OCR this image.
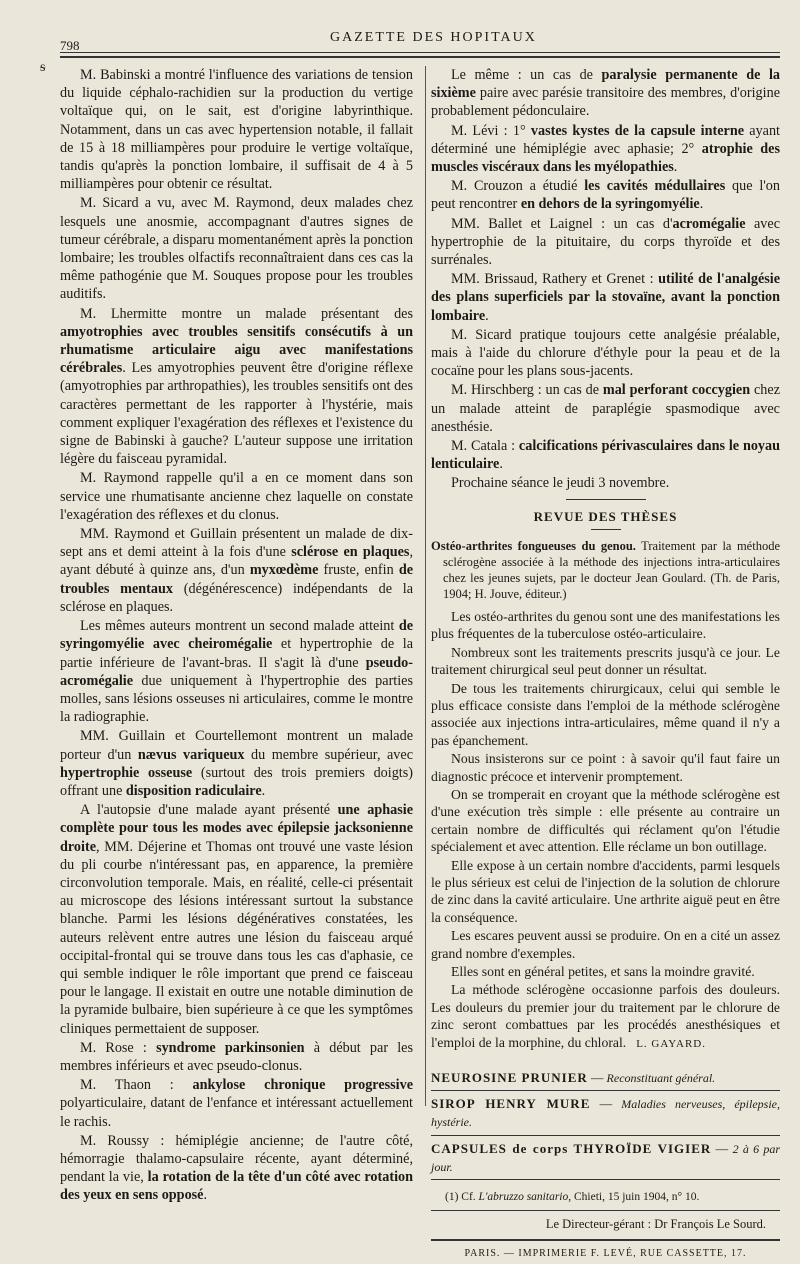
ᵴ
798
GAZETTE DES HOPITAUX

M. Babinski a montré l'influence des variations de tension du liquide céphalo-rachidien sur la production du vertige voltaïque qui, on le sait, est d'origine labyrinthique. Notamment, dans un cas avec hypertension notable, il fallait de 15 à 18 milliampères pour produire le vertige voltaïque, tandis qu'après la ponction lombaire, il suffisait de 4 à 5 milliampères pour obtenir ce résultat.

M. Sicard a vu, avec M. Raymond, deux malades chez lesquels une anosmie, accompagnant d'autres signes de tumeur cérébrale, a disparu momentanément après la ponction lombaire; les troubles olfactifs reconnaîtraient dans ces cas la même pathogénie que M. Souques propose pour les troubles auditifs.

M. Lhermitte montre un malade présentant des amyotrophies avec troubles sensitifs consécutifs à un rhumatisme articulaire aigu avec manifestations cérébrales. Les amyotrophies peuvent être d'origine réflexe (amyotrophies par arthropathies), les troubles sensitifs ont des caractères permettant de les rapporter à l'hystérie, mais comment expliquer l'exagération des réflexes et l'existence du signe de Babinski à gauche? L'auteur suppose une irritation légère du faisceau pyramidal.

M. Raymond rappelle qu'il a en ce moment dans son service une rhumatisante ancienne chez laquelle on constate l'exagération des réflexes et du clonus.

MM. Raymond et Guillain présentent un malade de dix-sept ans et demi atteint à la fois d'une sclérose en plaques, ayant débuté à quinze ans, d'un myxœdème fruste, enfin de troubles mentaux (dégénérescence) indépendants de la sclérose en plaques.

Les mêmes auteurs montrent un second malade atteint de syringomyélie avec cheiromégalie et hypertrophie de la partie inférieure de l'avant-bras. Il s'agit là d'une pseudo-acromégalie due uniquement à l'hypertrophie des parties molles, sans lésions osseuses ni articulaires, comme le montre la radiographie.

MM. Guillain et Courtellemont montrent un malade porteur d'un nævus variqueux du membre supérieur, avec hypertrophie osseuse (surtout des trois premiers doigts) offrant une disposition radiculaire.

A l'autopsie d'une malade ayant présenté une aphasie complète pour tous les modes avec épilepsie jacksonienne droite, MM. Déjerine et Thomas ont trouvé une vaste lésion du pli courbe n'intéressant pas, en apparence, la première circonvolution temporale. Mais, en réalité, celle-ci présentait au microscope des lésions intéressant surtout la substance blanche. Parmi les lésions dégénératives constatées, les auteurs relèvent entre autres une lésion du faisceau arqué occipital-frontal qui se trouve dans tous les cas d'aphasie, ce qui semble indiquer le rôle important que prend ce faisceau pour le langage. Il existait en outre une notable diminution de la pyramide bulbaire, bien supérieure à ce que les symptômes cliniques permettaient de supposer.

M. Rose : syndrome parkinsonien à début par les membres inférieurs et avec pseudo-clonus.

M. Thaon : ankylose chronique progressive polyarticulaire, datant de l'enfance et intéressant actuellement le rachis.

M. Roussy : hémiplégie ancienne; de l'autre côté, hémorragie thalamo-capsulaire récente, ayant déterminé, pendant la vie, la rotation de la tête d'un côté avec rotation des yeux en sens opposé.

Le même : un cas de paralysie permanente de la sixième paire avec parésie transitoire des membres, d'origine probablement pédonculaire.

M. Lévi : 1° vastes kystes de la capsule interne ayant déterminé une hémiplégie avec aphasie; 2° atrophie des muscles viscéraux dans les myélopathies.

M. Crouzon a étudié les cavités médullaires que l'on peut rencontrer en dehors de la syringomyélie.

MM. Ballet et Laignel : un cas d'acromégalie avec hypertrophie de la pituitaire, du corps thyroïde et des surrénales.

MM. Brissaud, Rathery et Grenet : utilité de l'analgésie des plans superficiels par la stovaïne, avant la ponction lombaire.

M. Sicard pratique toujours cette analgésie préalable, mais à l'aide du chlorure d'éthyle pour la peau et de la cocaïne pour les plans sous-jacents.

M. Hirschberg : un cas de mal perforant coccygien chez un malade atteint de paraplégie spasmodique avec anesthésie.

M. Catala : calcifications périvasculaires dans le noyau lenticulaire.

Prochaine séance le jeudi 3 novembre.

REVUE DES THÈSES
Ostéo-arthrites fongueuses du genou. Traitement par la méthode sclérogène associée à la méthode des injections intra-articulaires chez les jeunes sujets, par le docteur Jean Goulard. (Th. de Paris, 1904; H. Jouve, éditeur.)

Les ostéo-arthrites du genou sont une des manifestations les plus fréquentes de la tuberculose ostéo-articulaire.

Nombreux sont les traitements prescrits jusqu'à ce jour. Le traitement chirurgical seul peut donner un résultat.

De tous les traitements chirurgicaux, celui qui semble le plus efficace consiste dans l'emploi de la méthode sclérogène associée aux injections intra-articulaires, même quand il n'y a pas épanchement.

Nous insisterons sur ce point : à savoir qu'il faut faire un diagnostic précoce et intervenir promptement.

On se tromperait en croyant que la méthode sclérogène est d'une exécution très simple : elle présente au contraire un certain nombre de difficultés qui réclament qu'on l'étudie spécialement et avec attention. Elle réclame un bon outillage.

Elle expose à un certain nombre d'accidents, parmi lesquels le plus sérieux est celui de l'injection de la solution de chlorure de zinc dans la cavité articulaire. Une arthrite aiguë peut en être la conséquence.

Les escares peuvent aussi se produire. On en a cité un assez grand nombre d'exemples.

Elles sont en général petites, et sans la moindre gravité.

La méthode sclérogène occasionne parfois des douleurs. Les douleurs du premier jour du traitement par le chlorure de zinc seront combattues par les procédés anesthésiques et l'emploi de la morphine, du chloral. L. GAYARD.

NEUROSINE PRUNIER — Reconstituant général.
SIROP HENRY MURE — Maladies nerveuses, épilepsie, hystérie.
CAPSULES de corps THYROÏDE VIGIER — 2 à 6 par jour.
(1) Cf. L'abruzzo sanitario, Chieti, 15 juin 1904, n° 10.
Le Directeur-gérant : Dr François Le Sourd.
PARIS. — IMPRIMERIE F. LEVÉ, RUE CASSETTE, 17.
